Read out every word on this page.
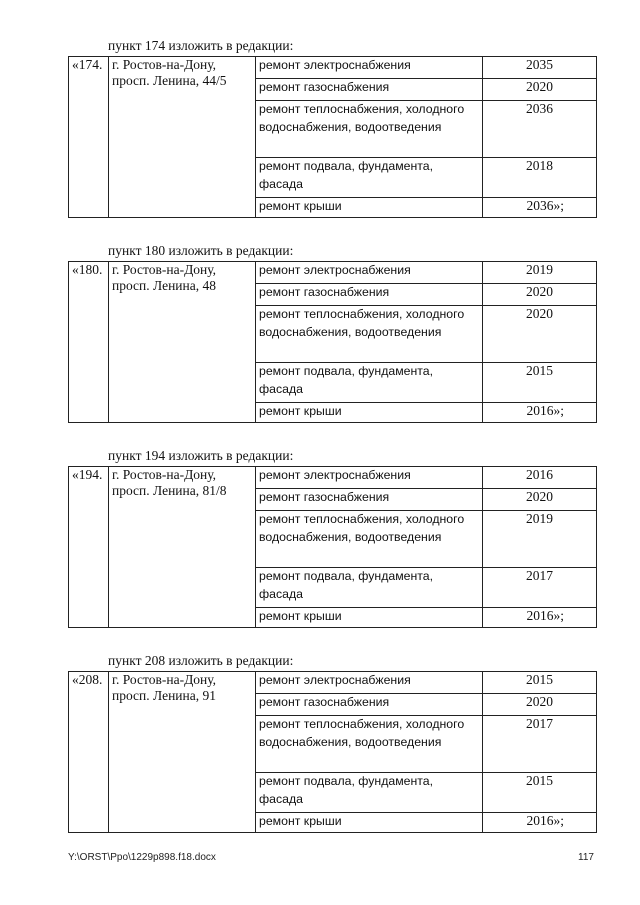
пункт 174 изложить в редакции:
«174.	г. Ростов-на-Дону, просп. Ленина, 44/5	ремонт электроснабжения	2035
		ремонт газоснабжения	2020
		ремонт теплоснабжения, холодного водоснабжения, водоотведения	2036
		ремонт подвала, фундамента, фасада	2018
		ремонт крыши	2036»;
пункт 180 изложить в редакции:
«180.	г. Ростов-на-Дону, просп. Ленина, 48	ремонт электроснабжения	2019
		ремонт газоснабжения	2020
		ремонт теплоснабжения, холодного водоснабжения, водоотведения	2020
		ремонт подвала, фундамента, фасада	2015
		ремонт крыши	2016»;
пункт 194 изложить в редакции:
«194.	г. Ростов-на-Дону, просп. Ленина, 81/8	ремонт электроснабжения	2016
		ремонт газоснабжения	2020
		ремонт теплоснабжения, холодного водоснабжения, водоотведения	2019
		ремонт подвала, фундамента, фасада	2017
		ремонт крыши	2016»;
пункт 208 изложить в редакции:
«208.	г. Ростов-на-Дону, просп. Ленина, 91	ремонт электроснабжения	2015
		ремонт газоснабжения	2020
		ремонт теплоснабжения, холодного водоснабжения, водоотведения	2017
		ремонт подвала, фундамента, фасада	2015
		ремонт крыши	2016»;
Y:\ORST\Ppo\1229p898.f18.docx	117
